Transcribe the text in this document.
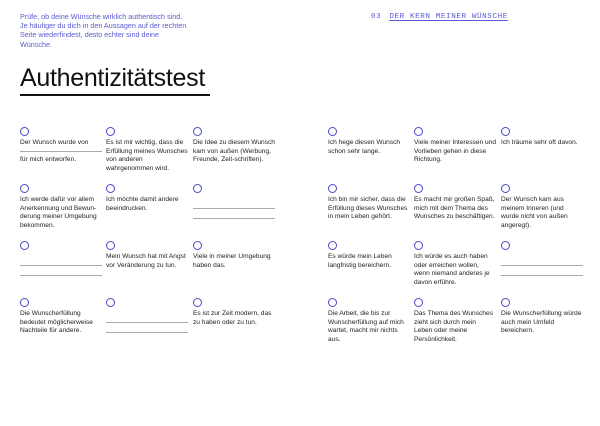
Prüfe, ob deine Wünsche wirklich authentisch sind. Je häufiger du dich in den Aussagen auf der rechten Seite wiederfindest, desto echter sind deine Wünsche.
03 DER KERN MEINER WÜNSCHE
Authentizitätstest

Der Wunsch wurde von

für mich entworfen.

Es ist mir wichtig, dass die Erfüllung meines Wunsches von anderen wahrgenommen wird.

Die Idee zu diesem Wunsch kam von außen (Werbung, Freunde, Zeit-schriften).

Ich hege diesen Wunsch schon sehr lange.

Viele meiner Interessen und Vorlieben gehen in diese Richtung.

Ich träume sehr oft davon.

Ich werde dafür vor allem Anerkennung und Bewun-derung meiner Umgebung bekommen.

Ich möchte damit andere beeindrucken.

Ich bin mir sicher, dass die Erfüllung dieses Wunsches in mein Leben gehört.

Es macht mir großen Spaß, mich mit dem Thema des Wunsches zu beschäftigen.

Der Wunsch kam aus meinem Inneren (und wurde nicht von außen angeregt).

Mein Wunsch hat mit Angst vor Veränderung zu tun.

Viele in meiner Umgebung haben das.

Es würde mein Leben langfristig bereichern.

Ich würde es auch haben oder erreichen wollen, wenn niemand anderes je davon erführe.

Die Wunscherfüllung bedeutet möglicherweise Nachteile für andere.

Es ist zur Zeit modern, das zu haben oder zu tun.

Die Arbeit, die bis zur Wunscherfüllung auf mich wartet, macht mir nichts aus.

Das Thema des Wunsches zieht sich durch mein Leben oder meine Persönlichkeit.

Die Wunscherfüllung würde auch mein Umfeld bereichern.
